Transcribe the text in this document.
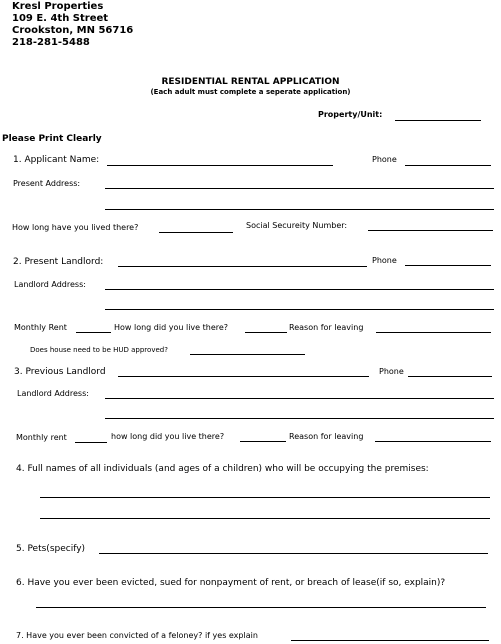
Kresl Properties
109 E. 4th Street
Crookston, MN 56716
218-281-5488
RESIDENTIAL RENTAL APPLICATION
(Each adult must complete a seperate application)
Property/Unit:
Please Print Clearly
1. Applicant Name:	Phone
Present Address:
How long have you lived there?	Social Secureity Number:
2. Present Landlord:	Phone
Landlord Address:
Monthly Rent	How long did you live there?	Reason for leaving
Does house need to be HUD approved?
3. Previous Landlord	Phone
Landlord Address:
Monthly rent	how long did you live there?	Reason for leaving
4. Full names of all individuals (and ages of a children) who will be occupying the premises:
5. Pets(specify)
6. Have you ever been evicted, sued for nonpayment of rent, or breach of lease(if so, explain)?
7. Have you ever been convicted of a feloney? if yes explain
